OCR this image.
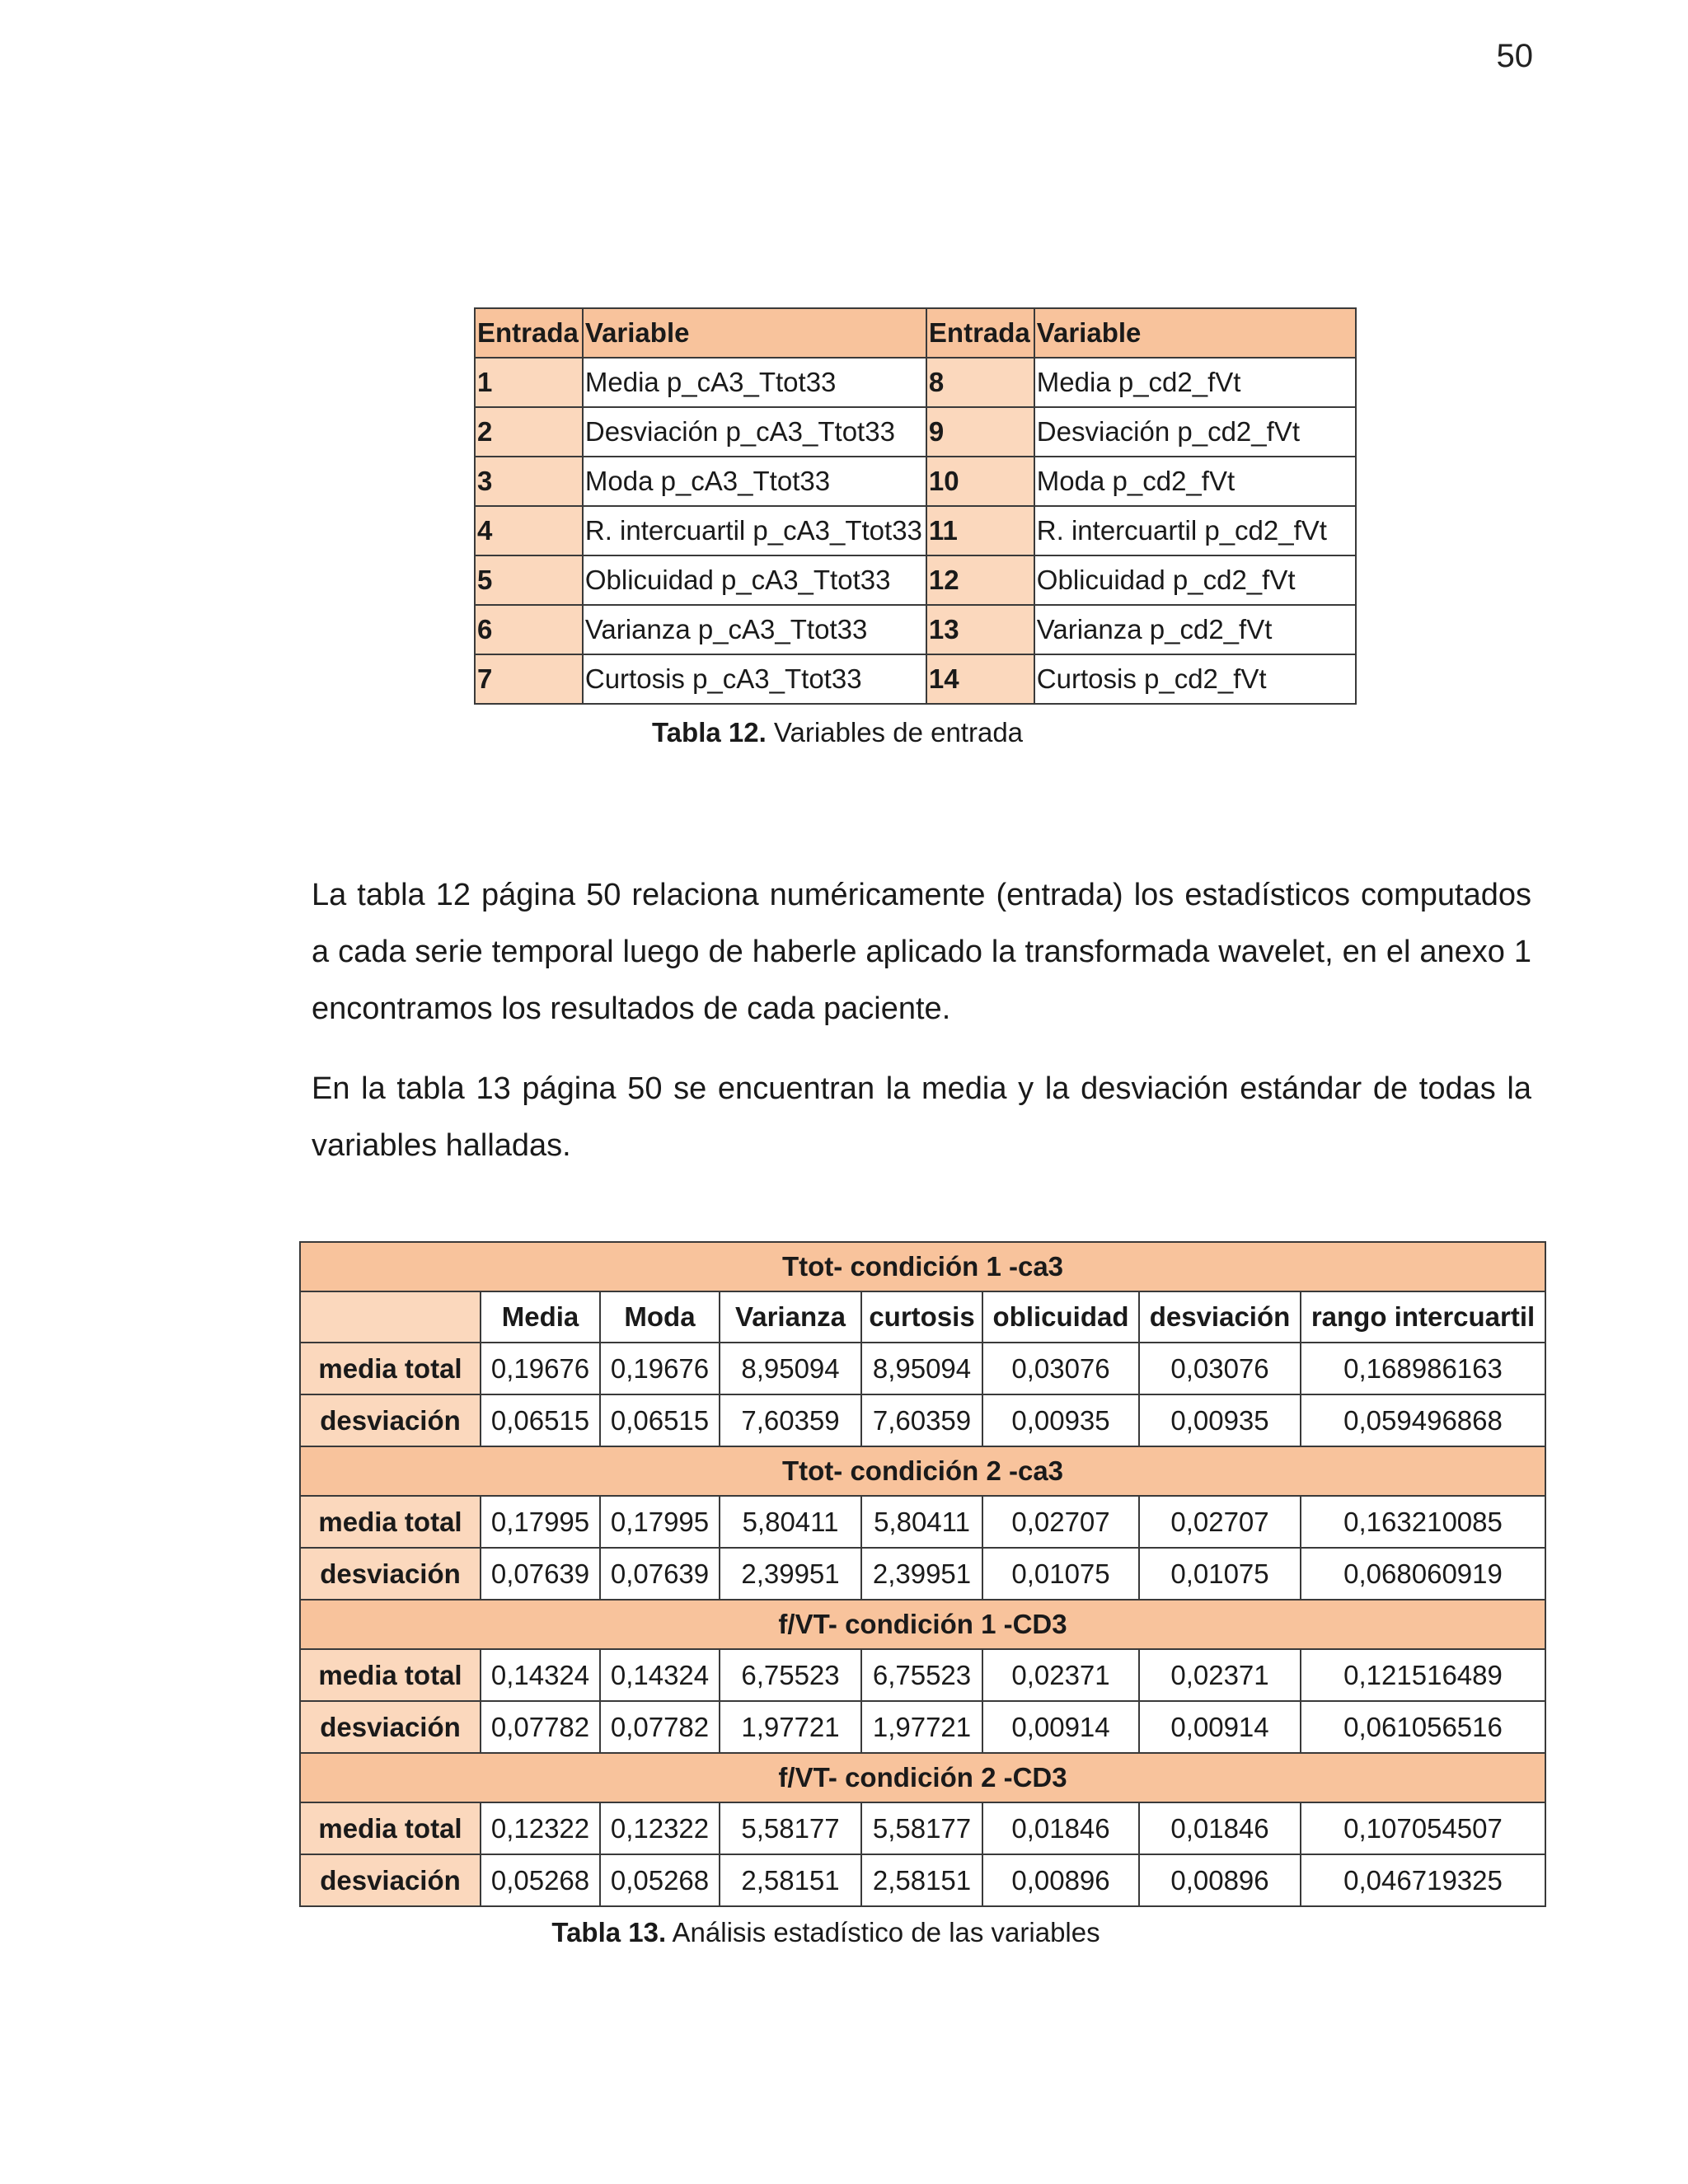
50
Entrada	Variable	Entrada	Variable
1	Media p_cA3_Ttot33	8	Media p_cd2_fVt
2	Desviación p_cA3_Ttot33	9	Desviación p_cd2_fVt
3	Moda p_cA3_Ttot33	10	Moda p_cd2_fVt
4	R. intercuartil p_cA3_Ttot33	11	R. intercuartil p_cd2_fVt
5	Oblicuidad p_cA3_Ttot33	12	Oblicuidad p_cd2_fVt
6	Varianza p_cA3_Ttot33	13	Varianza p_cd2_fVt
7	Curtosis p_cA3_Ttot33	14	Curtosis p_cd2_fVt
Tabla 12. Variables de entrada

La tabla 12 página 50 relaciona numéricamente (entrada) los estadísticos computados a cada serie temporal luego de haberle aplicado la transformada wavelet, en el anexo 1 encontramos los resultados de cada paciente.

En la tabla 13 página 50 se encuentran la media y la desviación estándar de todas la variables halladas.

Ttot- condición 1 -ca3							
	Media	Moda	Varianza	curtosis	oblicuidad	desviación	rango intercuartil
media total	0,19676	0,19676	8,95094	8,95094	0,03076	0,03076	0,168986163
desviación	0,06515	0,06515	7,60359	7,60359	0,00935	0,00935	0,059496868
Ttot- condición 2 -ca3							
media total	0,17995	0,17995	5,80411	5,80411	0,02707	0,02707	0,163210085
desviación	0,07639	0,07639	2,39951	2,39951	0,01075	0,01075	0,068060919
f/VT- condición 1 -CD3							
media total	0,14324	0,14324	6,75523	6,75523	0,02371	0,02371	0,121516489
desviación	0,07782	0,07782	1,97721	1,97721	0,00914	0,00914	0,061056516
f/VT- condición 2 -CD3							
media total	0,12322	0,12322	5,58177	5,58177	0,01846	0,01846	0,107054507
desviación	0,05268	0,05268	2,58151	2,58151	0,00896	0,00896	0,046719325
Tabla 13. Análisis estadístico de las variables
